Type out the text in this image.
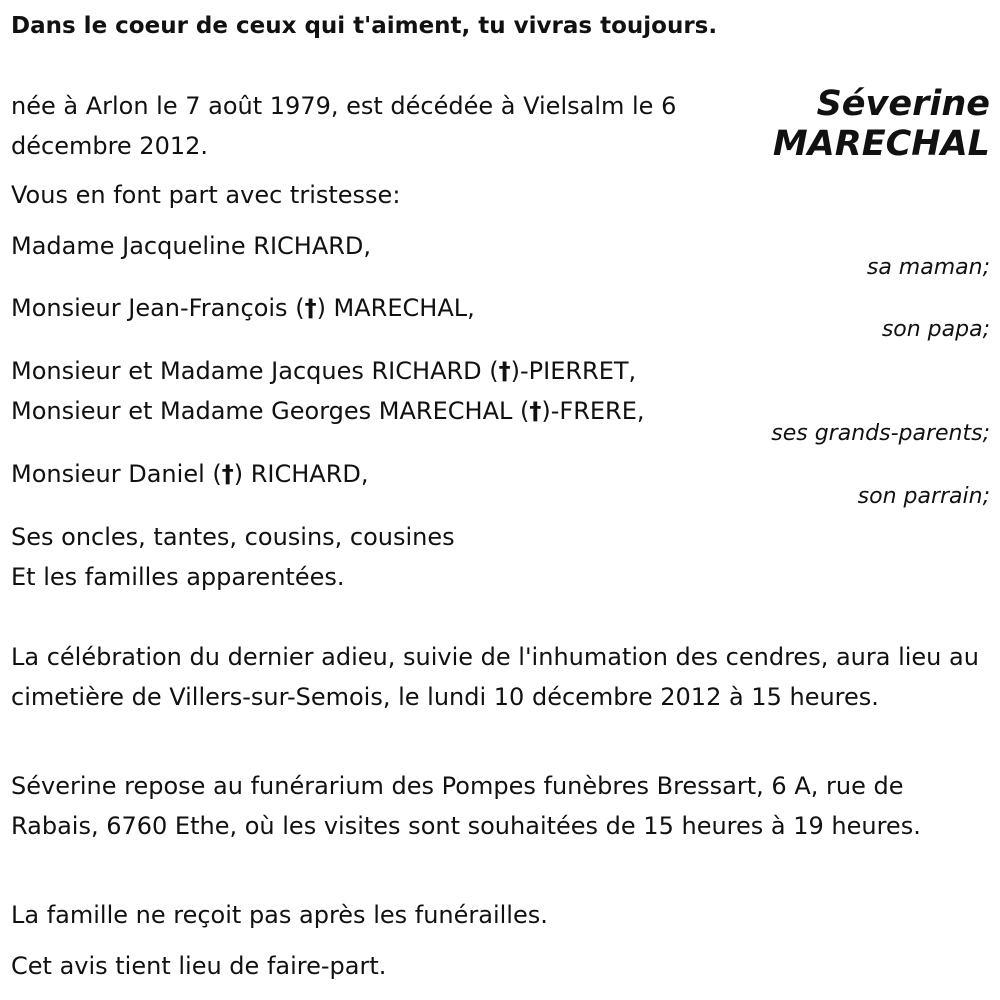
Dans le coeur de ceux qui t'aiment, tu vivras toujours.
Séverine
MARECHAL
née à Arlon le 7 août 1979, est décédée à Vielsalm le 6
décembre 2012.
Vous en font part avec tristesse:
Madame Jacqueline RICHARD,
sa maman;
Monsieur Jean-François (†) MARECHAL,
son papa;
Monsieur et Madame Jacques RICHARD (†)-PIERRET,
Monsieur et Madame Georges MARECHAL (†)-FRERE,
ses grands-parents;
Monsieur Daniel (†) RICHARD,
son parrain;
Ses oncles, tantes, cousins, cousines
Et les familles apparentées.
La célébration du dernier adieu, suivie de l'inhumation des cendres, aura lieu au cimetière de Villers-sur-Semois, le lundi 10 décembre 2012 à 15 heures.
Séverine repose au funérarium des Pompes funèbres Bressart, 6 A, rue de Rabais, 6760 Ethe, où les visites sont souhaitées de 15 heures à 19 heures.
La famille ne reçoit pas après les funérailles.
Cet avis tient lieu de faire-part.
